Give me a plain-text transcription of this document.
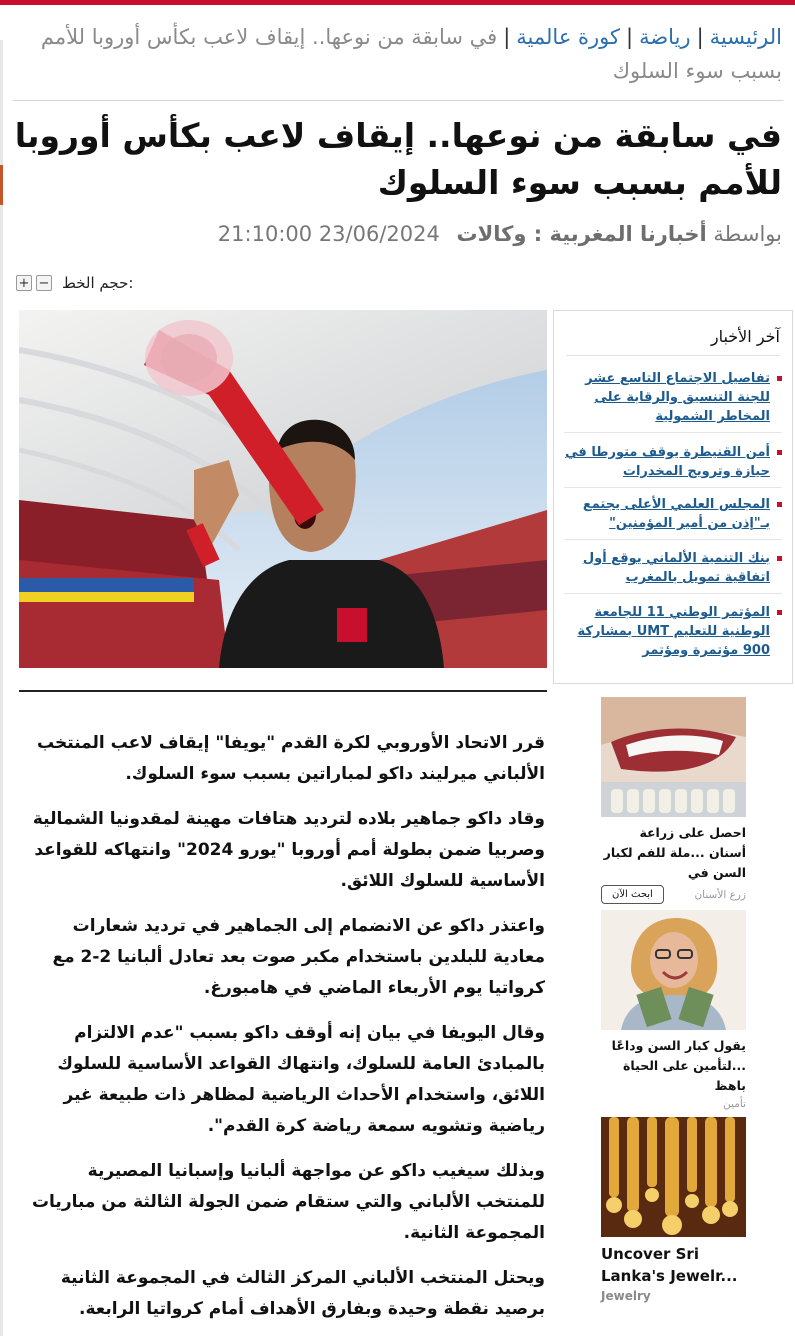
الرئيسية|رياضة|كورة عالمية|في سابقة من نوعها.. إيقاف لاعب بكأس أوروبا للأمم بسبب سوء السلوك
في سابقة من نوعها.. إيقاف لاعب بكأس أوروبا للأمم بسبب سوء السلوك
بواسطة أخبارنا المغربية : وكالات 23/06/2024 21:10:00
+ − حجم الخط:
آخر الأخبار
تفاصيل الاجتماع التاسع عشر للجنة التنسيق والرقابة على المخاطر الشمولية
أمن القنيطرة يوقف متورطا في حيازة وترويج المخدرات
المجلس العلمي الأعلى يجتمع بـ"إذن من أمير المؤمنين"
بنك التنمية الألماني يوقع أول اتفاقية تمويل بالمغرب
المؤتمر الوطني 11 للجامعة الوطنية للتعليم UMT بمشاركة 900 مؤتمرة ومؤتمر

قرر الاتحاد الأوروبي لكرة القدم "يويفا" إيقاف لاعب المنتخب الألباني ميرليند داكو لمباراتين بسبب سوء السلوك.

وقاد داكو جماهير بلاده لترديد هتافات مهينة لمقدونيا الشمالية وصربيا ضمن بطولة أمم أوروبا "يورو 2024" وانتهاكه للقواعد الأساسية للسلوك اللائق.

واعتذر داكو عن الانضمام إلى الجماهير في ترديد شعارات معادية للبلدين باستخدام مكبر صوت بعد تعادل ألبانيا 2-2 مع كرواتيا يوم الأربعاء الماضي في هامبورغ.

وقال اليويفا في بيان إنه أوقف داكو بسبب "عدم الالتزام بالمبادئ العامة للسلوك، وانتهاك القواعد الأساسية للسلوك اللائق، واستخدام الأحداث الرياضية لمظاهر ذات طبيعة غير رياضية وتشويه سمعة رياضة كرة القدم".

وبذلك سيغيب داكو عن مواجهة ألبانيا وإسبانيا المصيرية للمنتخب الألباني والتي ستقام ضمن الجولة الثالثة من مباريات المجموعة الثانية.

ويحتل المنتخب الألباني المركز الثالث في المجموعة الثانية برصيد نقطة وحيدة وبفارق الأهداف أمام كرواتيا الرابعة.

احصل على زراعة أسنان ...ملة للفم لكبار السن في
زرع الأسنان
ابحث الآن
يقول كبار السن وداعًا ...لتأمين على الحياة باهظ
تأمين
Uncover Sri Lanka's Jewelr...
Jewelry
